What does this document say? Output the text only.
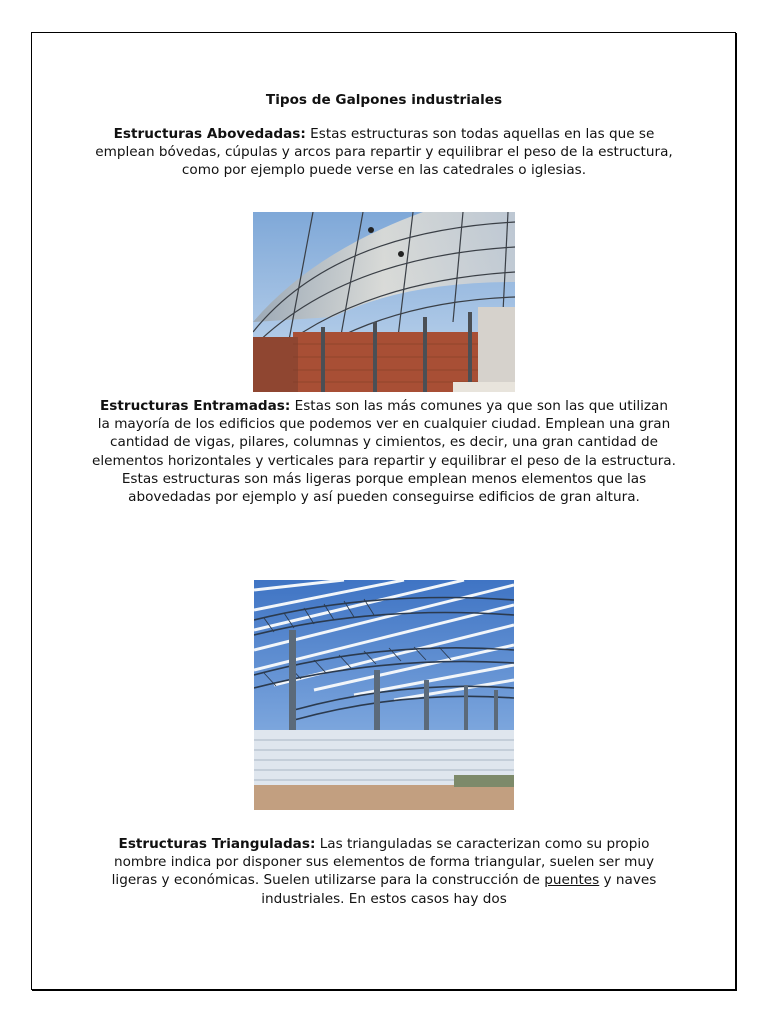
Tipos de Galpones industriales
Estructuras Abovedadas: Estas estructuras son todas aquellas en las que se emplean bóvedas, cúpulas y arcos para repartir y equilibrar el peso de la estructura, como por ejemplo puede verse en las catedrales o iglesias.
Estructuras Entramadas: Estas son las más comunes ya que son las que utilizan la mayoría de los edificios que podemos ver en cualquier ciudad. Emplean una gran cantidad de vigas, pilares, columnas y cimientos, es decir, una gran cantidad de elementos horizontales y verticales para repartir y equilibrar el peso de la estructura. Estas estructuras son más ligeras porque emplean menos elementos que las abovedadas por ejemplo y así pueden conseguirse edificios de gran altura.
Estructuras Trianguladas: Las trianguladas se caracterizan como su propio nombre indica por disponer sus elementos de forma triangular, suelen ser muy ligeras y económicas. Suelen utilizarse para la construcción de puentes y naves industriales. En estos casos hay dos
